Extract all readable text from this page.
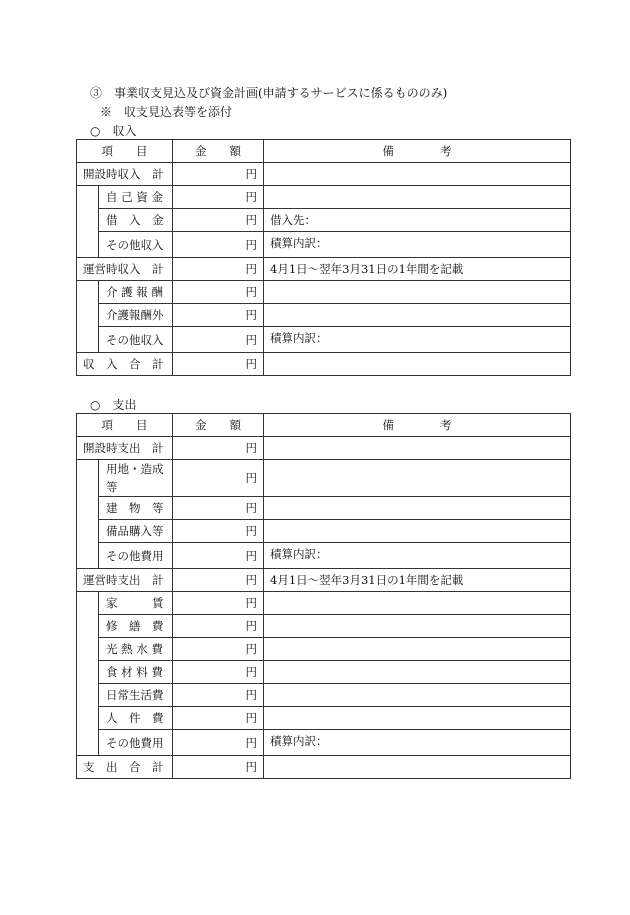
③　事業収支見込及び資金計画(申請するサービスに係るもののみ)
※　収支見込表等を添付
○　収入
項　　目		金　　額	備　　　　考
開設時収入　計		円	
	自 己 資 金	円	
	借　入　金	円	借入先：
	その他収入	円	積算内訳：
運営時収入　計		円	4月1日～翌年3月31日の1年間を記載
	介 護 報 酬	円	
	介護報酬外	円	
	その他収入	円	積算内訳：
収　入　合　計		円	
○　支出
項　　目		金　　額	備　　　　考
開設時支出　計		円	
	用地・造成等	円	
	建　物　等	円	
	備品購入等	円	
	その他費用	円	積算内訳：
運営時支出　計		円	4月1日～翌年3月31日の1年間を記載
	家　　　賃	円	
	修　繕　費	円	
	光 熱 水 費	円	
	食 材 料 費	円	
	日常生活費	円	
	人　件　費	円	
	その他費用	円	積算内訳：
支　出　合　計		円	
